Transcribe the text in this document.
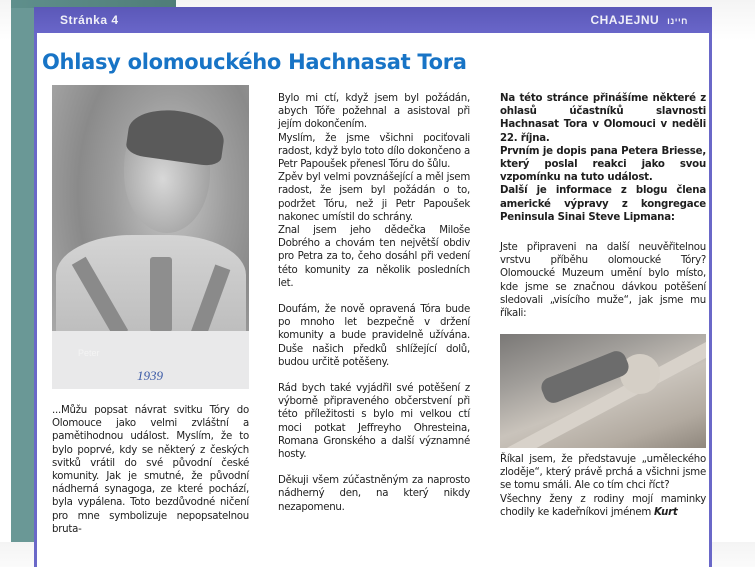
Stránka 4	CHAJEJNU חיינו
Ohlasy olomouckého Hachnasat Tora
Peter
1939

...Můžu popsat návrat svitku Tóry do Olomouce jako velmi zvláštní a pamětihodnou událost. Myslím, že to bylo poprvé, kdy se některý z českých svitků vrátil do své původní české komunity. Jak je smutné, že původní nádherná synagoga, ze které pochází, byla vypálena. Toto bezdůvodné ničení pro mne symbolizuje nepopsatelnou bruta-

Bylo mi ctí, když jsem byl požádán, abych Tóře požehnal a asistoval při jejím dokončením.

Myslím, že jsme všichni pociťovali radost, když bylo toto dílo dokončeno a Petr Papoušek přenesl Tóru do šůlu.

Zpěv byl velmi povznášející a měl jsem radost, že jsem byl požádán o to, podržet Tóru, než ji Petr Papoušek nakonec umístil do schrány.

Znal jsem jeho dědečka Miloše Dobrého a chovám ten největší obdiv pro Petra za to, čeho dosáhl při vedení této komunity za několik posledních let.

Doufám, že nově opravená Tóra bude po mnoho let bezpečně v držení komunity a bude pravidelně užívána. Duše našich předků shlížející dolů, budou určitě potěšeny.

Rád bych také vyjádřil své potěšení z výborně připraveného občerstvení při této příležitosti s bylo mi velkou ctí moci potkat Jeffreyho Ohresteina, Romana Gronského a další významné hosty.

Děkuji všem zúčastněným za naprosto nádherný den, na který nikdy nezapomenu.

Na této stránce přinášíme některé z ohlasů účastníků slavnosti Hachnasat Tora v Olomouci v neděli 22. října.

Prvním je dopis pana Petera Briesse, který poslal reakci jako svou vzpomínku na tuto událost.

Další je informace z blogu člena americké výpravy z kongregace Peninsula Sinai Steve Lipmana:

Jste připraveni na další neuvěřitelnou vrstvu příběhu olomoucké Tóry? Olomoucké Muzeum umění bylo místo, kde jsme se značnou dávkou potěšení sledovali „visícího muže“, jak jsme mu říkali:

Říkal jsem, že představuje „uměleckého zloděje“, který právě prchá a všichni jsme se tomu smáli. Ale co tím chci říct?

Všechny ženy z rodiny mojí maminky chodily ke kadeřníkovi jménem Kurt
